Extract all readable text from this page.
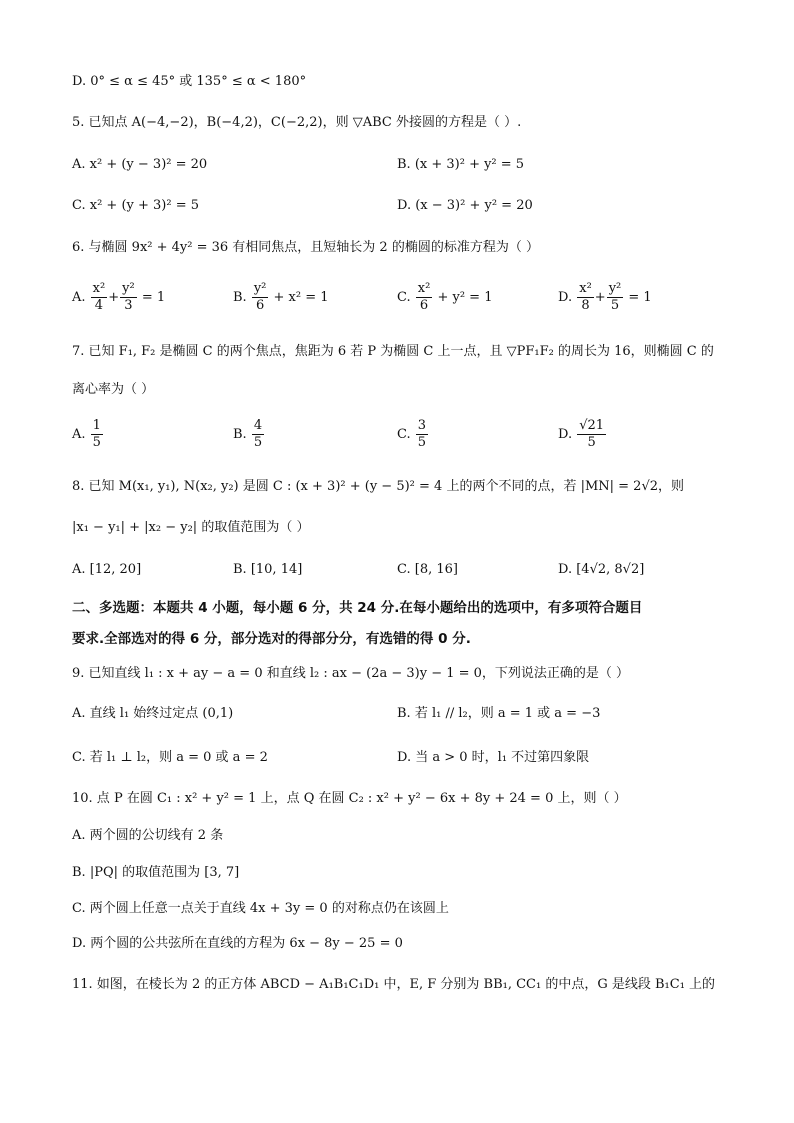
D. 0° ≤ α ≤ 45° 或 135° ≤ α < 180°
5. 已知点 A(−4,−2)，B(−4,2)，C(−2,2)，则 ▽ABC 外接圆的方程是（ ）.
A. x² + (y − 3)² = 20	B. (x + 3)² + y² = 5
C. x² + (y + 3)² = 5	D. (x − 3)² + y² = 20
6. 与椭圆 9x² + 4y² = 36 有相同焦点，且短轴长为 2 的椭圆的标准方程为（ ）
A. $\frac{\text{x²}}{4} + \frac{\text{y²}}{3} = 1$	B. $\frac{\text{y²}}{6} + x^2 = 1$	C. $\frac{\text{x²}}{6} + y^2 = 1$	D. $\frac{\text{x²}}{8} + \frac{\text{y²}}{5} = 1$
7. 已知 F₁, F₂ 是椭圆 C 的两个焦点，焦距为 6 若 P 为椭圆 C 上一点，且 ▽PF₁F₂ 的周长为 16，则椭圆 C 的
离心率为（ ）
A. $\frac{1}{5}$	B. $\frac{4}{5}$	C. $\frac{3}{5}$	D. $\frac{√21}{5}$
8. 已知 M(x₁, y₁), N(x₂, y₂) 是圆 C : (x + 3)² + (y − 5)² = 4 上的两个不同的点，若 |MN| = 2√2，则
|x₁ − y₁| + |x₂ − y₂| 的取值范围为（ ）
A. [12, 20]	B. [10, 14]	C. [8, 16]	D. [4√2, 8√2]
二、多选题：本题共 4 小题，每小题 6 分，共 24 分.在每小题给出的选项中，有多项符合题目
要求.全部选对的得 6 分，部分选对的得部分分，有选错的得 0 分.
9. 已知直线 l₁ : x + ay − a = 0 和直线 l₂ : ax − (2a − 3)y − 1 = 0，下列说法正确的是（ ）
A. 直线 l₁ 始终过定点 (0,1)	B. 若 l₁ // l₂，则 a = 1 或 a = −3
C. 若 l₁ ⊥ l₂，则 a = 0 或 a = 2	D. 当 a > 0 时，l₁ 不过第四象限
10. 点 P 在圆 C₁ : x² + y² = 1 上，点 Q 在圆 C₂ : x² + y² − 6x + 8y + 24 = 0 上，则（ ）
A. 两个圆的公切线有 2 条
B. |PQ| 的取值范围为 [3, 7]
C. 两个圆上任意一点关于直线 4x + 3y = 0 的对称点仍在该圆上
D. 两个圆的公共弦所在直线的方程为 6x − 8y − 25 = 0
11. 如图，在棱长为 2 的正方体 ABCD − A₁B₁C₁D₁ 中，E, F 分别为 BB₁, CC₁ 的中点，G 是线段 B₁C₁ 上的
